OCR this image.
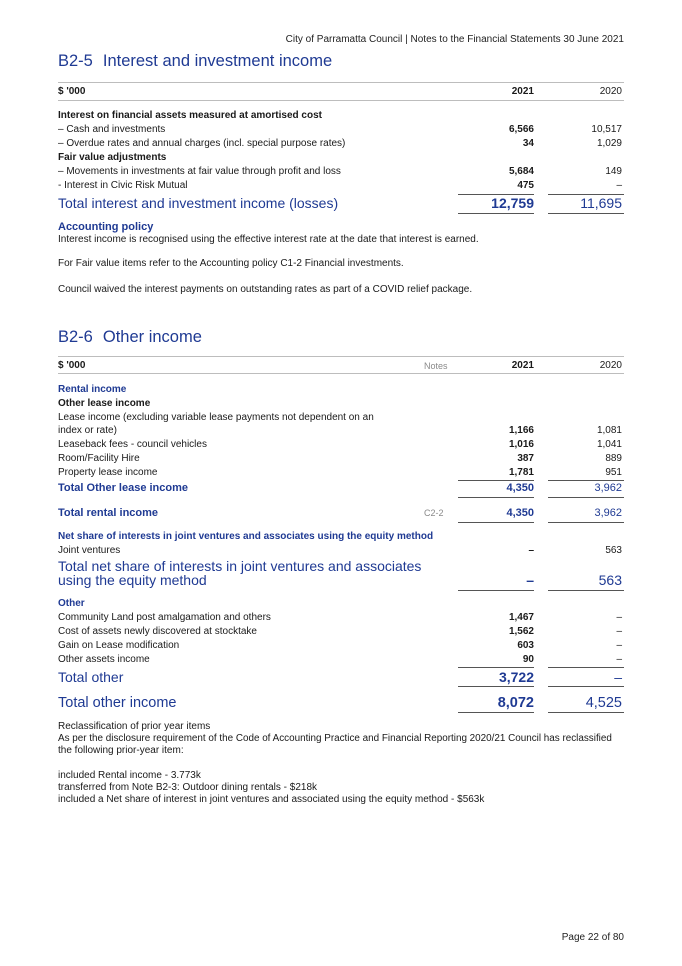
City of Parramatta Council | Notes to the Financial Statements 30 June 2021
B2-5 Interest and investment income
$ '000	2021	2020
Interest on financial assets measured at amortised cost
– Cash and investments	6,566	10,517
– Overdue rates and annual charges (incl. special purpose rates)	34	1,029
Fair value adjustments
– Movements in investments at fair value through profit and loss	5,684	149
- Interest in Civic Risk Mutual	475	–
Total interest and investment income (losses)	12,759	11,695
Accounting policy
Interest income is recognised using the effective interest rate at the date that interest is earned.
For Fair value items refer to the Accounting policy C1-2 Financial investments.
Council waived the interest payments on outstanding rates as part of a COVID relief package.
B2-6 Other income
$ '000	Notes	2021	2020
Rental income
Other lease income
Lease income (excluding variable lease payments not dependent on an
index or rate)	1,166	1,081
Leaseback fees - council vehicles	1,016	1,041
Room/Facility Hire	387	889
Property lease income	1,781	951
Total Other lease income	4,350	3,962
Total rental income	C2-2	4,350	3,962
Net share of interests in joint ventures and associates using the equity method
Joint ventures	–	563
Total net share of interests in joint ventures and associates
using the equity method	–	563
Other
Community Land post amalgamation and others	1,467	–
Cost of assets newly discovered at stocktake	1,562	–
Gain on Lease modification	603	–
Other assets income	90	–
Total other	3,722	–
Total other income	8,072	4,525
Reclassification of prior year items
As per the disclosure requirement of the Code of Accounting Practice and Financial Reporting 2020/21 Council has reclassified
the following prior-year item:
included Rental income - 3.773k
transferred from Note B2-3: Outdoor dining rentals - $218k
included a Net share of interest in joint ventures and associated using the equity method - $563k
Page 22 of 80
